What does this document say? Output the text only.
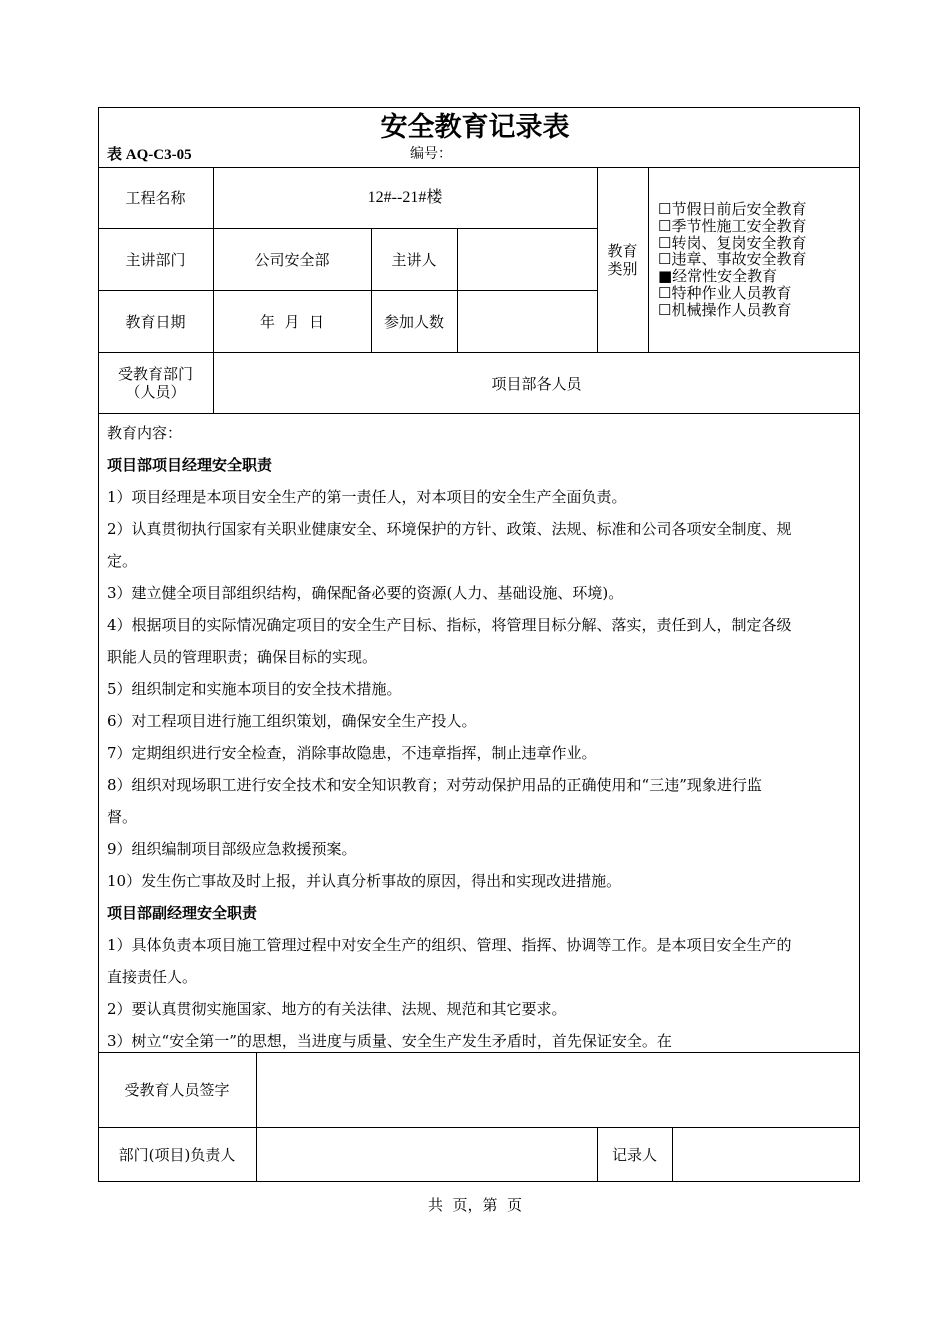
安全教育记录表
表 AQ-C3-05	编号：
工程名称	12#--21#楼
主讲部门	公司安全部	主讲人
教育日期	年  月  日	参加人数
教育
类别
☐节假日前后安全教育
☐季节性施工安全教育
☐转岗、复岗安全教育
☐违章、事故安全教育
■经常性安全教育
☐特种作业人员教育
☐机械操作人员教育
受教育部门
（人员）	项目部各人员
教育内容：
项目部项目经理安全职责
1）项目经理是本项目安全生产的第一责任人，对本项目的安全生产全面负责。
2）认真贯彻执行国家有关职业健康安全、环境保护的方针、政策、法规、标准和公司各项安全制度、规
定。
3）建立健全项目部组织结构，确保配备必要的资源(人力、基础设施、环境)。
4）根据项目的实际情况确定项目的安全生产目标、指标，将管理目标分解、落实，责任到人，制定各级
职能人员的管理职责；确保目标的实现。
5）组织制定和实施本项目的安全技术措施。
6）对工程项目进行施工组织策划，确保安全生产投人。
7）定期组织进行安全检查，消除事故隐患，不违章指挥，制止违章作业。
8）组织对现场职工进行安全技术和安全知识教育；对劳动保护用品的正确使用和“三违”现象进行监
督。
9）组织编制项目部级应急救援预案。
10）发生伤亡事故及时上报，并认真分析事故的原因，得出和实现改进措施。
项目部副经理安全职责
1）具体负责本项目施工管理过程中对安全生产的组织、管理、指挥、协调等工作。是本项目安全生产的
直接责任人。
2）要认真贯彻实施国家、地方的有关法律、法规、规范和其它要求。
3）树立“安全第一”的思想，当进度与质量、安全生产发生矛盾时，首先保证安全。在
受教育人员签字
部门(项目)负责人	记录人
共  页，第  页
